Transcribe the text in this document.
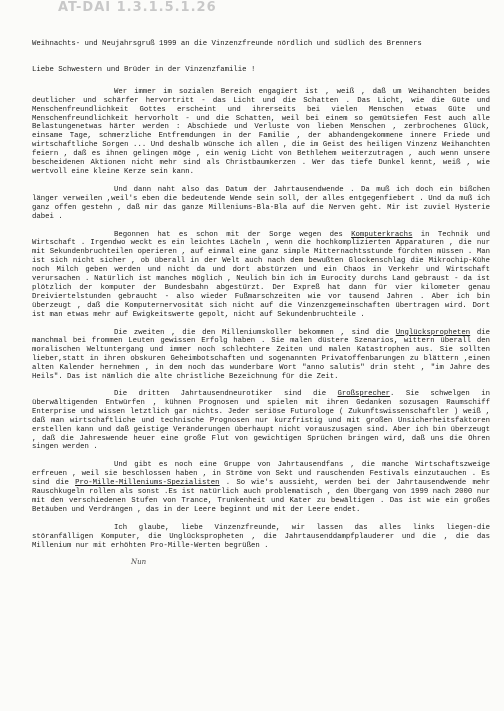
AT-DAI 1.3.1.5.1.26
Weihnachts- und Neujahrsgruß 1999 an die Vinzenzfreunde nördlich und südlich des Brenners
Liebe Schwestern und Brüder in der Vinzenzfamilie !
Wer immer im sozialen Bereich engagiert ist , weiß , daß um Weihanchten beides deutlicher und schärfer hervortritt - das Licht und die Schatten . Das Licht, wie die Güte und Menschenfreundlichkeit Gottes erscheint und ihrerseits bei vielen Menschen etwas Güte und Menschenfreundlichkeit hervorholt - und die Schatten, weil bei einem so gemütsiefen Fest auch alle Belastungenetwas härter werden : Abschiede und Verluste von lieben Menschen , zerbrochenes Glück, einsame Tage, schmerzliche Entfremdungen in der Familie , der abhandengekommene innere Friede und wirtschaftliche Sorgen ... Und deshalb wünsche ich allen , die im Geist des heiligen Vinzenz Weihanchten feiern , daß es ihnen gelingen möge , ein wenig Licht von Bethlehem weiterzutragen , auch wenn unsere bescheidenen Aktionen nicht mehr sind als Christbaumkerzen . Wer das tiefe Dunkel kennt, weiß , wie wertvoll eine kleine Kerze sein kann.
Und dann naht also das Datum der Jahrtausendwende . Da muß ich doch ein bißchen länger verweilen ,weil's eben die bedeutende Wende sein soll, der alles entgegenfiebert . Und da muß ich ganz offen gestehn , daß mir das ganze Milleniums-Bla-Bla auf die Nerven geht. Mir ist zuviel Hysterie dabei .
Begonnen hat es schon mit der Sorge wegen des Komputerkrachs in Technik und Wirtschaft . Irgendwo weckt es ein leichtes Lächeln , wenn die hochkomplizierten Apparaturen , die nur mit Sekundenbruchteilen operieren , auf einmal eine ganz simple Mitternachtsstunde fürchten müssen . Man ist sich nicht sicher , ob überall in der Welt auch nach dem bewußten Glockenschlag die Mikrochip-Kühe noch Milch geben werden und nicht da und dort abstürzen und ein Chaos in Verkehr und Wirtschaft verursachen . Natürlich ist manches möglich , Neulich bin ich im Eurocity durchs Land gebraust - da ist plötzlich der komputer der Bundesbahn abgestürzt. Der Expreß hat dann für vier kilometer genau Dreiviertelstunden gebraucht - also wieder Fußmarschzeiten wie vor tausend Jahren . Aber ich bin überzeugt , daß die Komputernervosität sich nicht auf die Vinzenzgemeinschaften übertragen wird. Dort ist man etwas mehr auf Ewigkeitswerte gepolt, nicht auf Sekundenbruchteile .
Die zweiten , die den Milleniumskoller bekommen , sind die Unglückspropheten die manchmal bei frommen Leuten gewissen Erfolg haben . Sie malen düstere Szenarios, wittern überall den moralischen Weltuntergang und immer noch schlechtere Zeiten und malen Katastrophen aus. Sie sollten lieber,statt in ihren obskuren Geheimbotschaften und sogenannten Privatoffenbarungen zu blättern ,einen alten Kalender hernehmen , in dem noch das wunderbare Wort "anno salutis" drin steht , "im Jahre des Heils". Das ist nämlich die alte christliche Bezeichnung für die Zeit.
Die dritten Jahrtausendneurotiker sind die Großsprecher. Sie schwelgen in überwältigenden Entwürfen , kühnen Prognosen und spielen mit ihren Gedanken sozusagen Raumschiff Enterprise und wissen letztlich gar nichts. Jeder seriöse Futurologe ( Zukunftswissenschaftler ) weiß , daß man wirtschaftliche und technische Prognosen nur kurzfristig und mit großen Unsicherheitsfaktoren erstellen kann und daß geistige Veränderungen überhaupt nicht vorauszusagen sind. Aber ich bin überzeugt , daß die Jahreswende heuer eine große Flut von gewichtigen Sprüchen bringen wird, daß uns die Ohren singen werden .
Und gibt es noch eine Gruppe von Jahrtausendfans , die manche Wirtschaftszweige erfreuen , weil sie beschlossen haben , in Ströme von Sekt und rauschenden Festivals einzutauchen . Es sind die Pro-Mille-Milleniums-Spezialisten . So wie's aussieht, werden bei der Jahrtausendwende mehr Rauschkugeln rollen als sonst .Es ist natürlich auch problematisch , den Übergang von 1999 nach 2000 nur mit den verschiedenen Stufen von Trance, Trunkenheit und Kater zu bewältigen . Das ist wie ein großes Betäuben und Verdrängen , das in der Leere beginnt und mit der Leere endet.
Ich glaube, liebe Vinzenzfreunde, wir lassen das alles links liegen-die störanfälligen Komputer, die Unglückspropheten , die Jahrtausenddampfplauderer und die , die das Millenium nur mit erhöhten Pro-Mille-Werten begrüßen .
Nun
